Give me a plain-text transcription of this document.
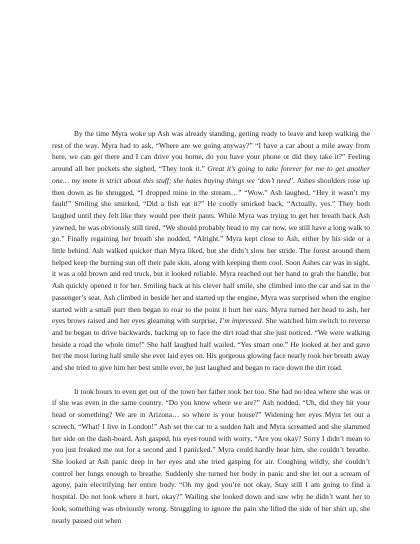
By the time Myra woke up Ash was already standing, getting ready to leave and keep walking the rest of the way. Myra had to ask, “Where are we going anyway?” “I have a car about a mile away from here, we can get there and I can drive you home, do you have your phone or did they take it?” Feeling around all her pockets she sighed, “They took it.” Great it’s going to take forever for me to get another one… my mom is strict about this stuff; she hates buying things we ‘don’t need’. Ashes shoulders rose up then down as he shrugged, “I dropped mine in the stream…” “Wow.” Ash laughed, “Hey it wasn’t my fault!” Smiling she smirked, “Did a fish eat it?” He coolly smirked back, “Actually, yes.” They both laughed until they felt like they would pee their pants. While Myra was trying to get her breath back Ash yawned, he was obviously still tired, “We should probably head to my car now, we still have a long walk to go.” Finally regaining her breath she nodded, “Alright.” Myra kept close to Ash, either by his side or a little behind. Ash walked quicker than Myra liked, but she didn’t slow her stride. The forest around them helped keep the burning sun off their pale skin, along with keeping them cool. Soon Ashes car was in sight, it was a old brown and red truck, but it looked reliable. Myra reached out her hand to grab the handle, but Ash quickly opened it for her. Smiling back at his clever half smile, she climbed into the car and sat in the passenger’s seat. Ash climbed in beside her and started up the engine, Myra was surprised when the engine started with a small purr then began to roar to the point it hurt her ears. Myra turned her head to ash, her eyes brows raised and her eyes gleaming with surprise, I’m impressed. She watched him switch to reverse and he began to drive backwards, backing up to face the dirt road that she just noticed. “We were walking beside a road the whole time!” She half laughed half wailed. “Yes smart one.” He looked at her and gave her the most luring half smile she ever laid eyes on. His gorgeous glowing face nearly took her breath away and she tried to give him her best smile ever, he just laughed and began to race down the dirt road.

It took hours to even get out of the town her father took her too. She had no idea where she was or if she was even in the same country. “Do you know where we are?” Ash nodded, “Uh, did they hit your head or something? We are in Arizona… so where is your house?” Widening her eyes Myra let out a screech, “What! I live in London!” Ash set the car to a sudden halt and Myra screamed and she slammed her side on the dash-board. Ash gasped, his eyes round with worry, “Are you okay? Sorry I didn’t mean to you just freaked me out for a second and I panicked.” Myra could hardly hear him, she couldn’t breathe. She looked at Ash panic deep in her eyes and she tried gasping for air. Coughing wildly, she couldn’t control her lungs enough to breathe. Suddenly she turned her body in panic and she let out a scream of agony, pain electrifying her entire body. “Oh my god you’re not okay, Stay still I am going to find a hospital. Do not look where it hurt, okay?” Wailing she looked down and saw why he didn’t want her to look, something was obviously wrong. Struggling to ignore the pain she lifted the side of her shirt up, she nearly passed out when
